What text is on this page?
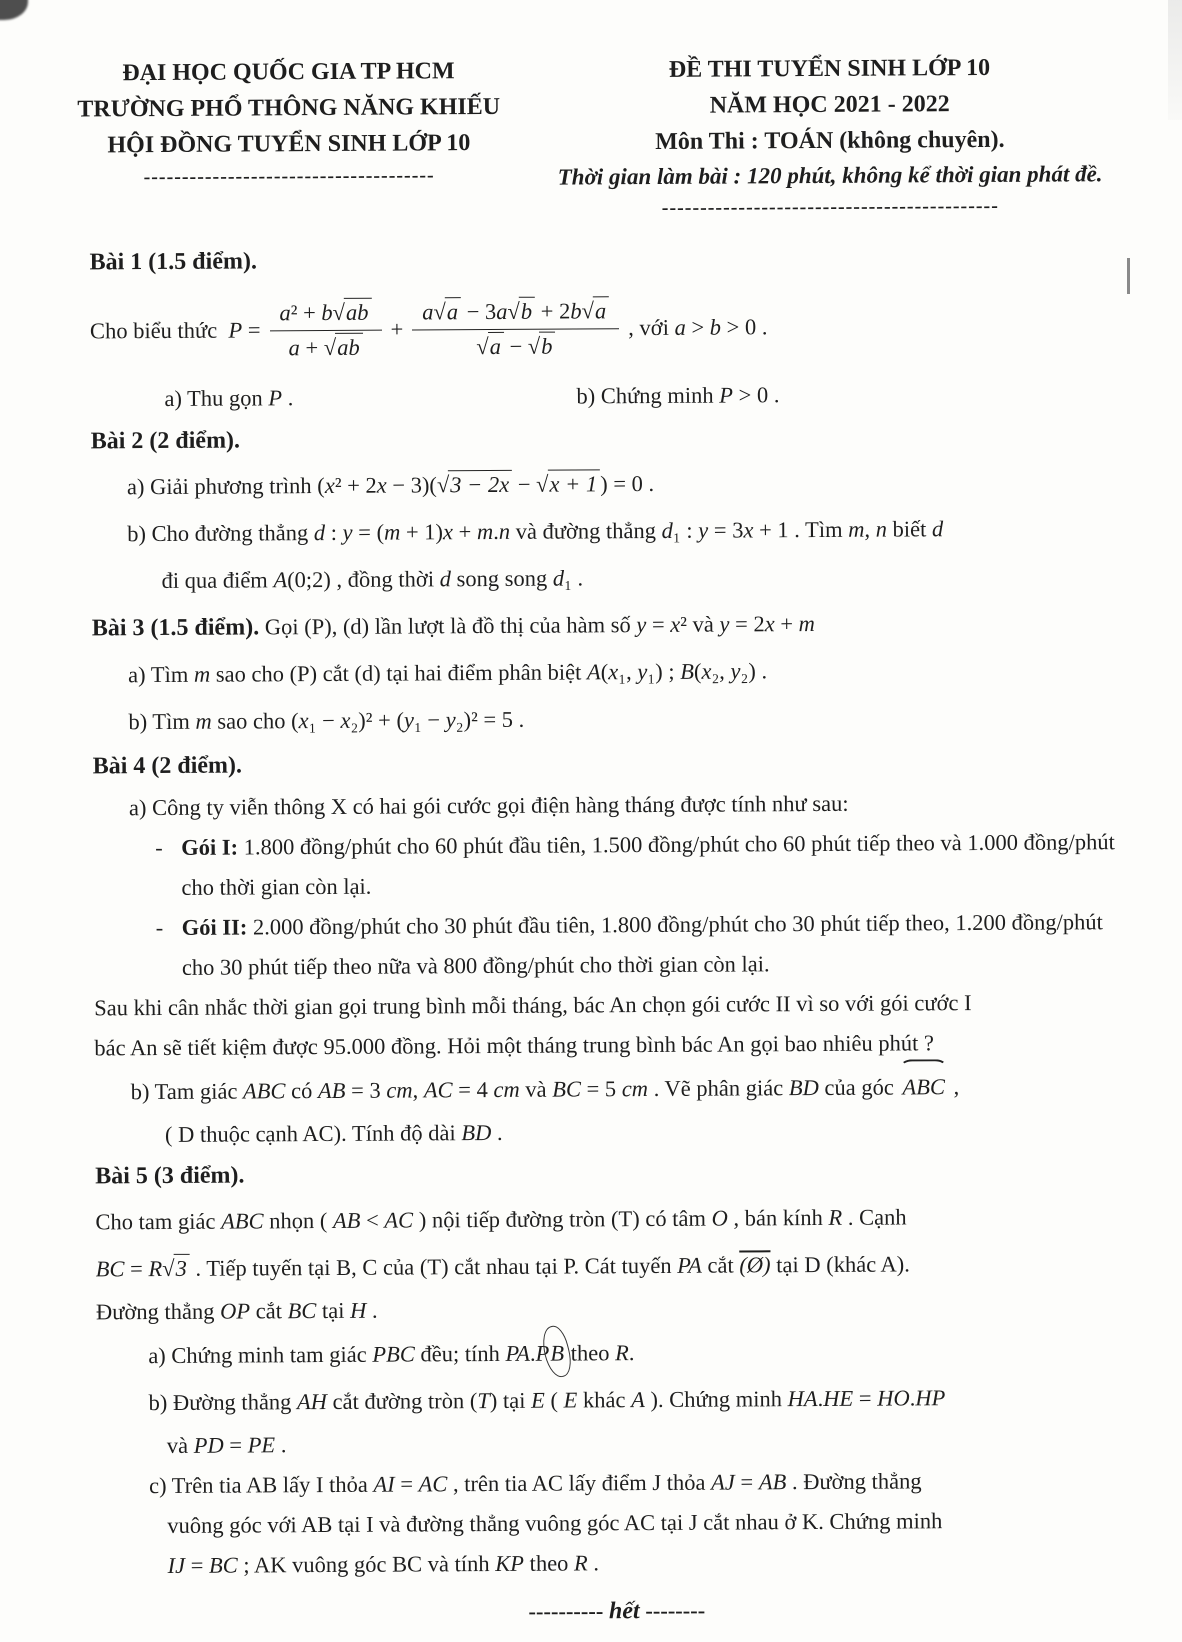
ĐẠI HỌC QUỐC GIA TP HCM
TRƯỜNG PHỔ THÔNG NĂNG KHIẾU
HỘI ĐỒNG TUYỂN SINH LỚP 10
--------------------------------------
ĐỀ THI TUYỂN SINH LỚP 10
NĂM HỌC 2021 - 2022
Môn Thi : TOÁN (không chuyên).
Thời gian làm bài : 120 phút, không kể thời gian phát đề.
--------------------------------------------
Bài 1 (1.5 điểm).
Cho biểu thức
$P = \frac{\text{a² + b√ab}}{a + √ab} + \frac{a√a - 3a√b + 2b√a}{√a - √b}$ , với a > b > 0 .
a) Thu gọn P .	b) Chứng minh P > 0 .
Bài 2 (2 điểm).
a) Giải phương trình (x² + 2x − 3)(√3 − 2x − √x + 1 ) = 0 .
b) Cho đường thẳng d : y = (m + 1)x + m.n và đường thẳng d₁ : y = 3x + 1 . Tìm m, n biết d
đi qua điểm A(0;2) , đồng thời d song song d₁ .
Bài 3 (1.5 điểm). Gọi (P), (d) lần lượt là đồ thị của hàm số y = x² và y = 2x + m
a) Tìm m sao cho (P) cắt (d) tại hai điểm phân biệt A(x₁, y₁) ; B(x₂, y₂) .
b) Tìm m sao cho (x₁ − x₂)² + (y₁ − y₂)² = 5 .
Bài 4 (2 điểm).
a) Công ty viễn thông X có hai gói cước gọi điện hàng tháng được tính như sau:
- Gói I: 1.800 đồng/phút cho 60 phút đầu tiên, 1.500 đồng/phút cho 60 phút tiếp theo và 1.000 đồng/phút cho thời gian còn lại.
- Gói II: 2.000 đồng/phút cho 30 phút đầu tiên, 1.800 đồng/phút cho 30 phút tiếp theo, 1.200 đồng/phút cho 30 phút tiếp theo nữa và 800 đồng/phút cho thời gian còn lại.
Sau khi cân nhắc thời gian gọi trung bình mỗi tháng, bác An chọn gói cước II vì so với gói cước I
bác An sẽ tiết kiệm được 95.000 đồng. Hỏi một tháng trung bình bác An gọi bao nhiêu phút ?
b) Tam giác ABC có AB = 3 cm, AC = 4 cm và BC = 5 cm . Vẽ phân giác BD của góc ABC ,
( D thuộc cạnh AC). Tính độ dài BD .
Bài 5 (3 điểm).
Cho tam giác ABC nhọn ( AB < AC ) nội tiếp đường tròn (T) có tâm O , bán kính R . Cạnh
BC = R√3 . Tiếp tuyến tại B, C của (T) cắt nhau tại P. Cát tuyến PA cắt (Ø) tại D (khác A).
Đường thẳng OP cắt BC tại H .
a) Chứng minh tam giác PBC đều; tính PA.PB theo R.
b) Đường thẳng AH cắt đường tròn (T) tại E ( E khác A ). Chứng minh HA.HE = HO.HP
và PD = PE .
c) Trên tia AB lấy I thỏa AI = AC , trên tia AC lấy điểm J thỏa AJ = AB . Đường thẳng
vuông góc với AB tại I và đường thẳng vuông góc AC tại J cắt nhau ở K. Chứng minh
IJ = BC ; AK vuông góc BC và tính KP theo R .
---------- hết --------
